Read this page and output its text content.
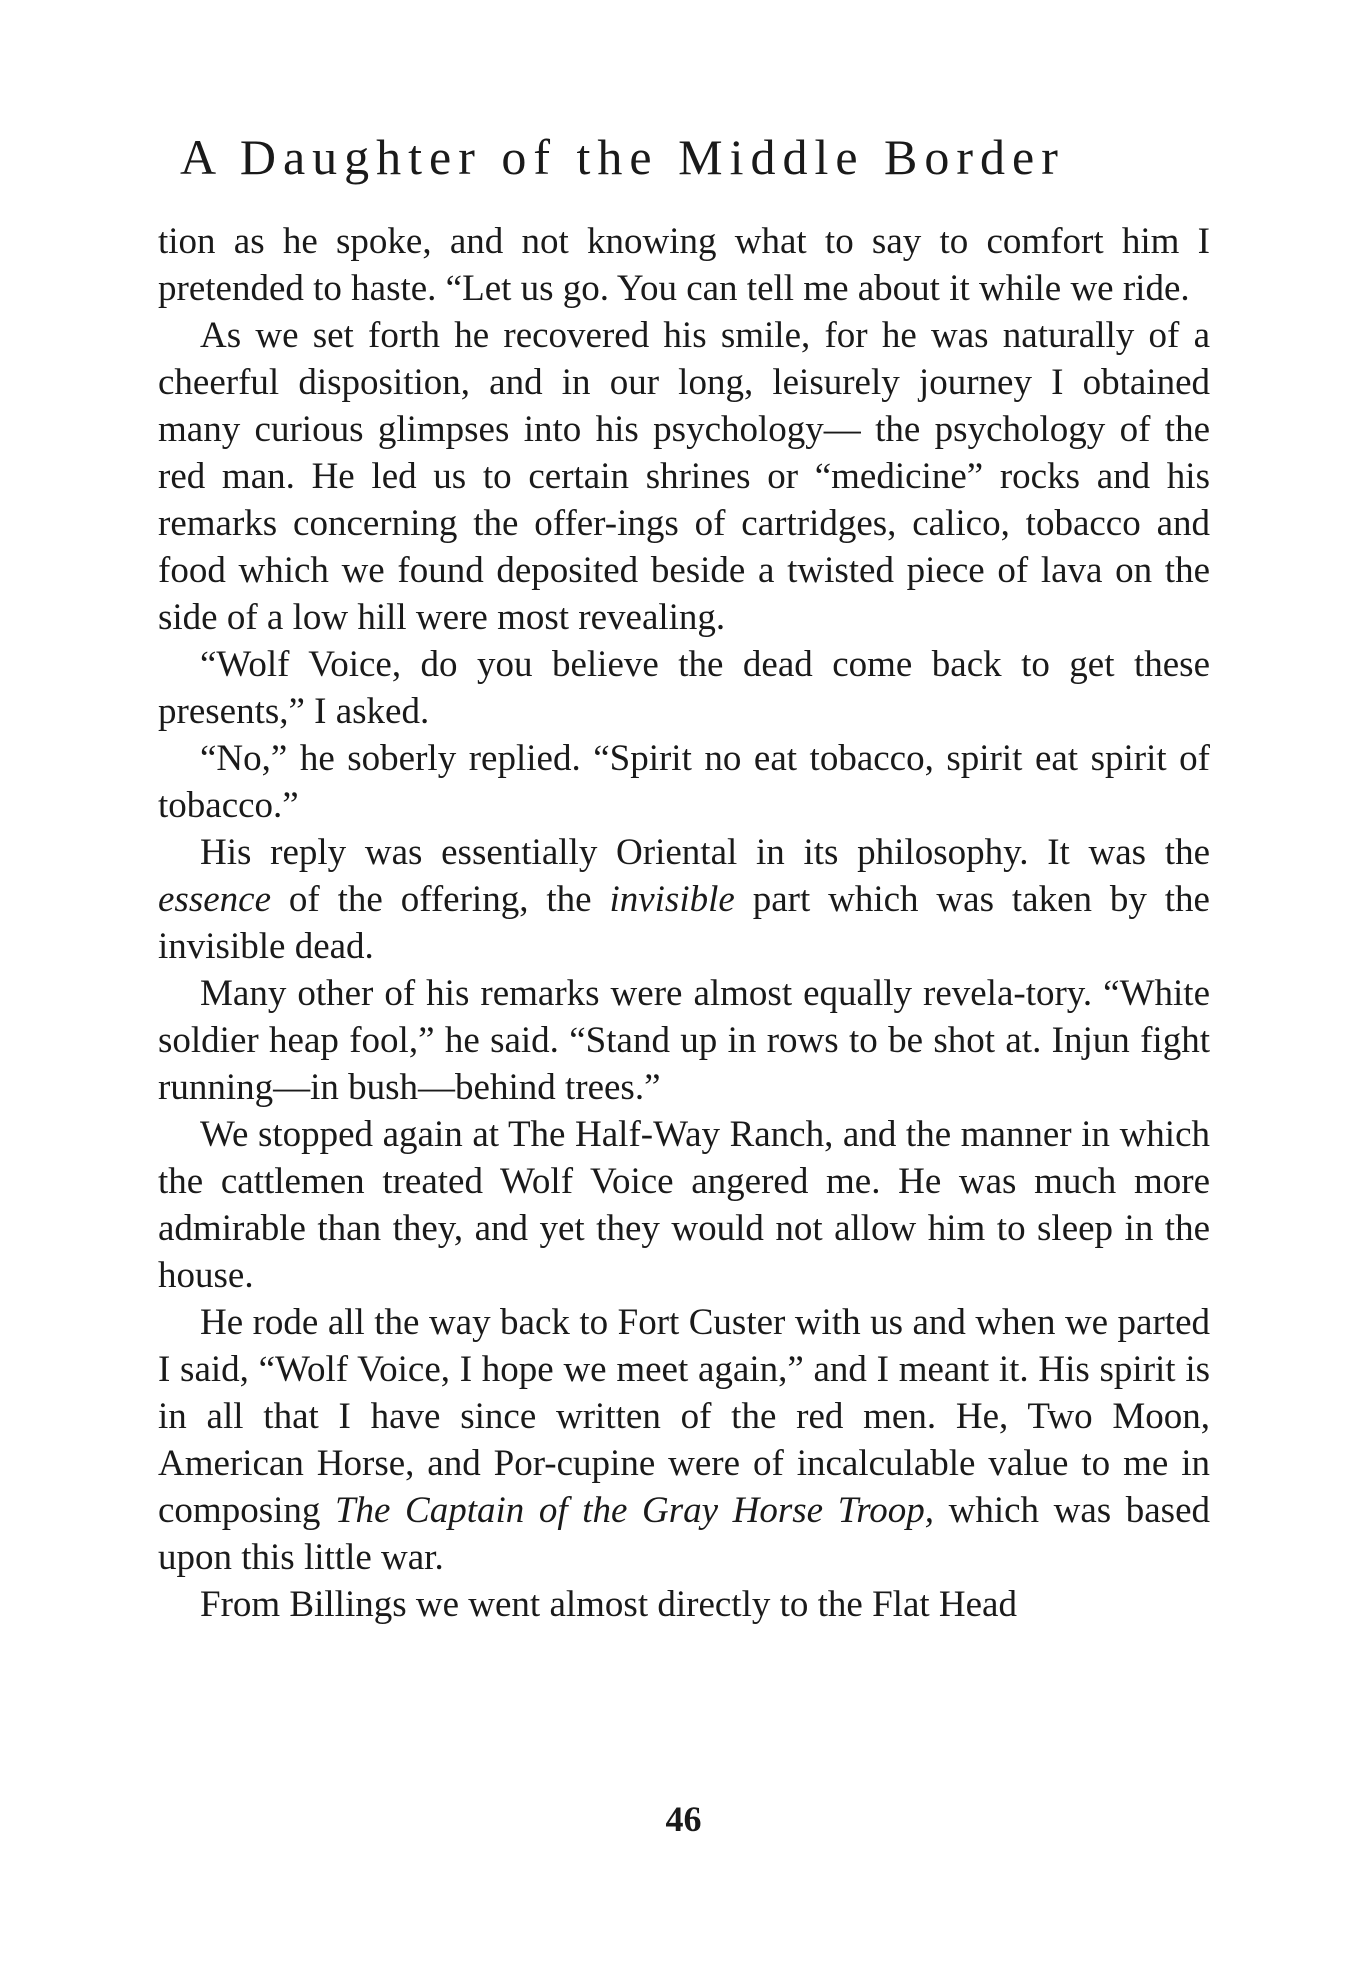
A Daughter of the Middle Border

tion as he spoke, and not knowing what to say to comfort him I pretended to haste. “Let us go. You can tell me about it while we ride.

As we set forth he recovered his smile, for he was naturally of a cheerful disposition, and in our long, leisurely journey I obtained many curious glimpses into his psychology— the psychology of the red man. He led us to certain shrines or “medicine” rocks and his remarks concerning the offer-ings of cartridges, calico, tobacco and food which we found deposited beside a twisted piece of lava on the side of a low hill were most revealing.

“Wolf Voice, do you believe the dead come back to get these presents,” I asked.

“No,” he soberly replied. “Spirit no eat tobacco, spirit eat spirit of tobacco.”

His reply was essentially Oriental in its philosophy. It was the essence of the offering, the invisible part which was taken by the invisible dead.

Many other of his remarks were almost equally revela-tory. “White soldier heap fool,” he said. “Stand up in rows to be shot at. Injun fight running—in bush—behind trees.”

We stopped again at The Half-Way Ranch, and the manner in which the cattlemen treated Wolf Voice angered me. He was much more admirable than they, and yet they would not allow him to sleep in the house.

He rode all the way back to Fort Custer with us and when we parted I said, “Wolf Voice, I hope we meet again,” and I meant it. His spirit is in all that I have since written of the red men. He, Two Moon, American Horse, and Por-cupine were of incalculable value to me in composing The Captain of the Gray Horse Troop, which was based upon this little war.

From Billings we went almost directly to the Flat Head

46
